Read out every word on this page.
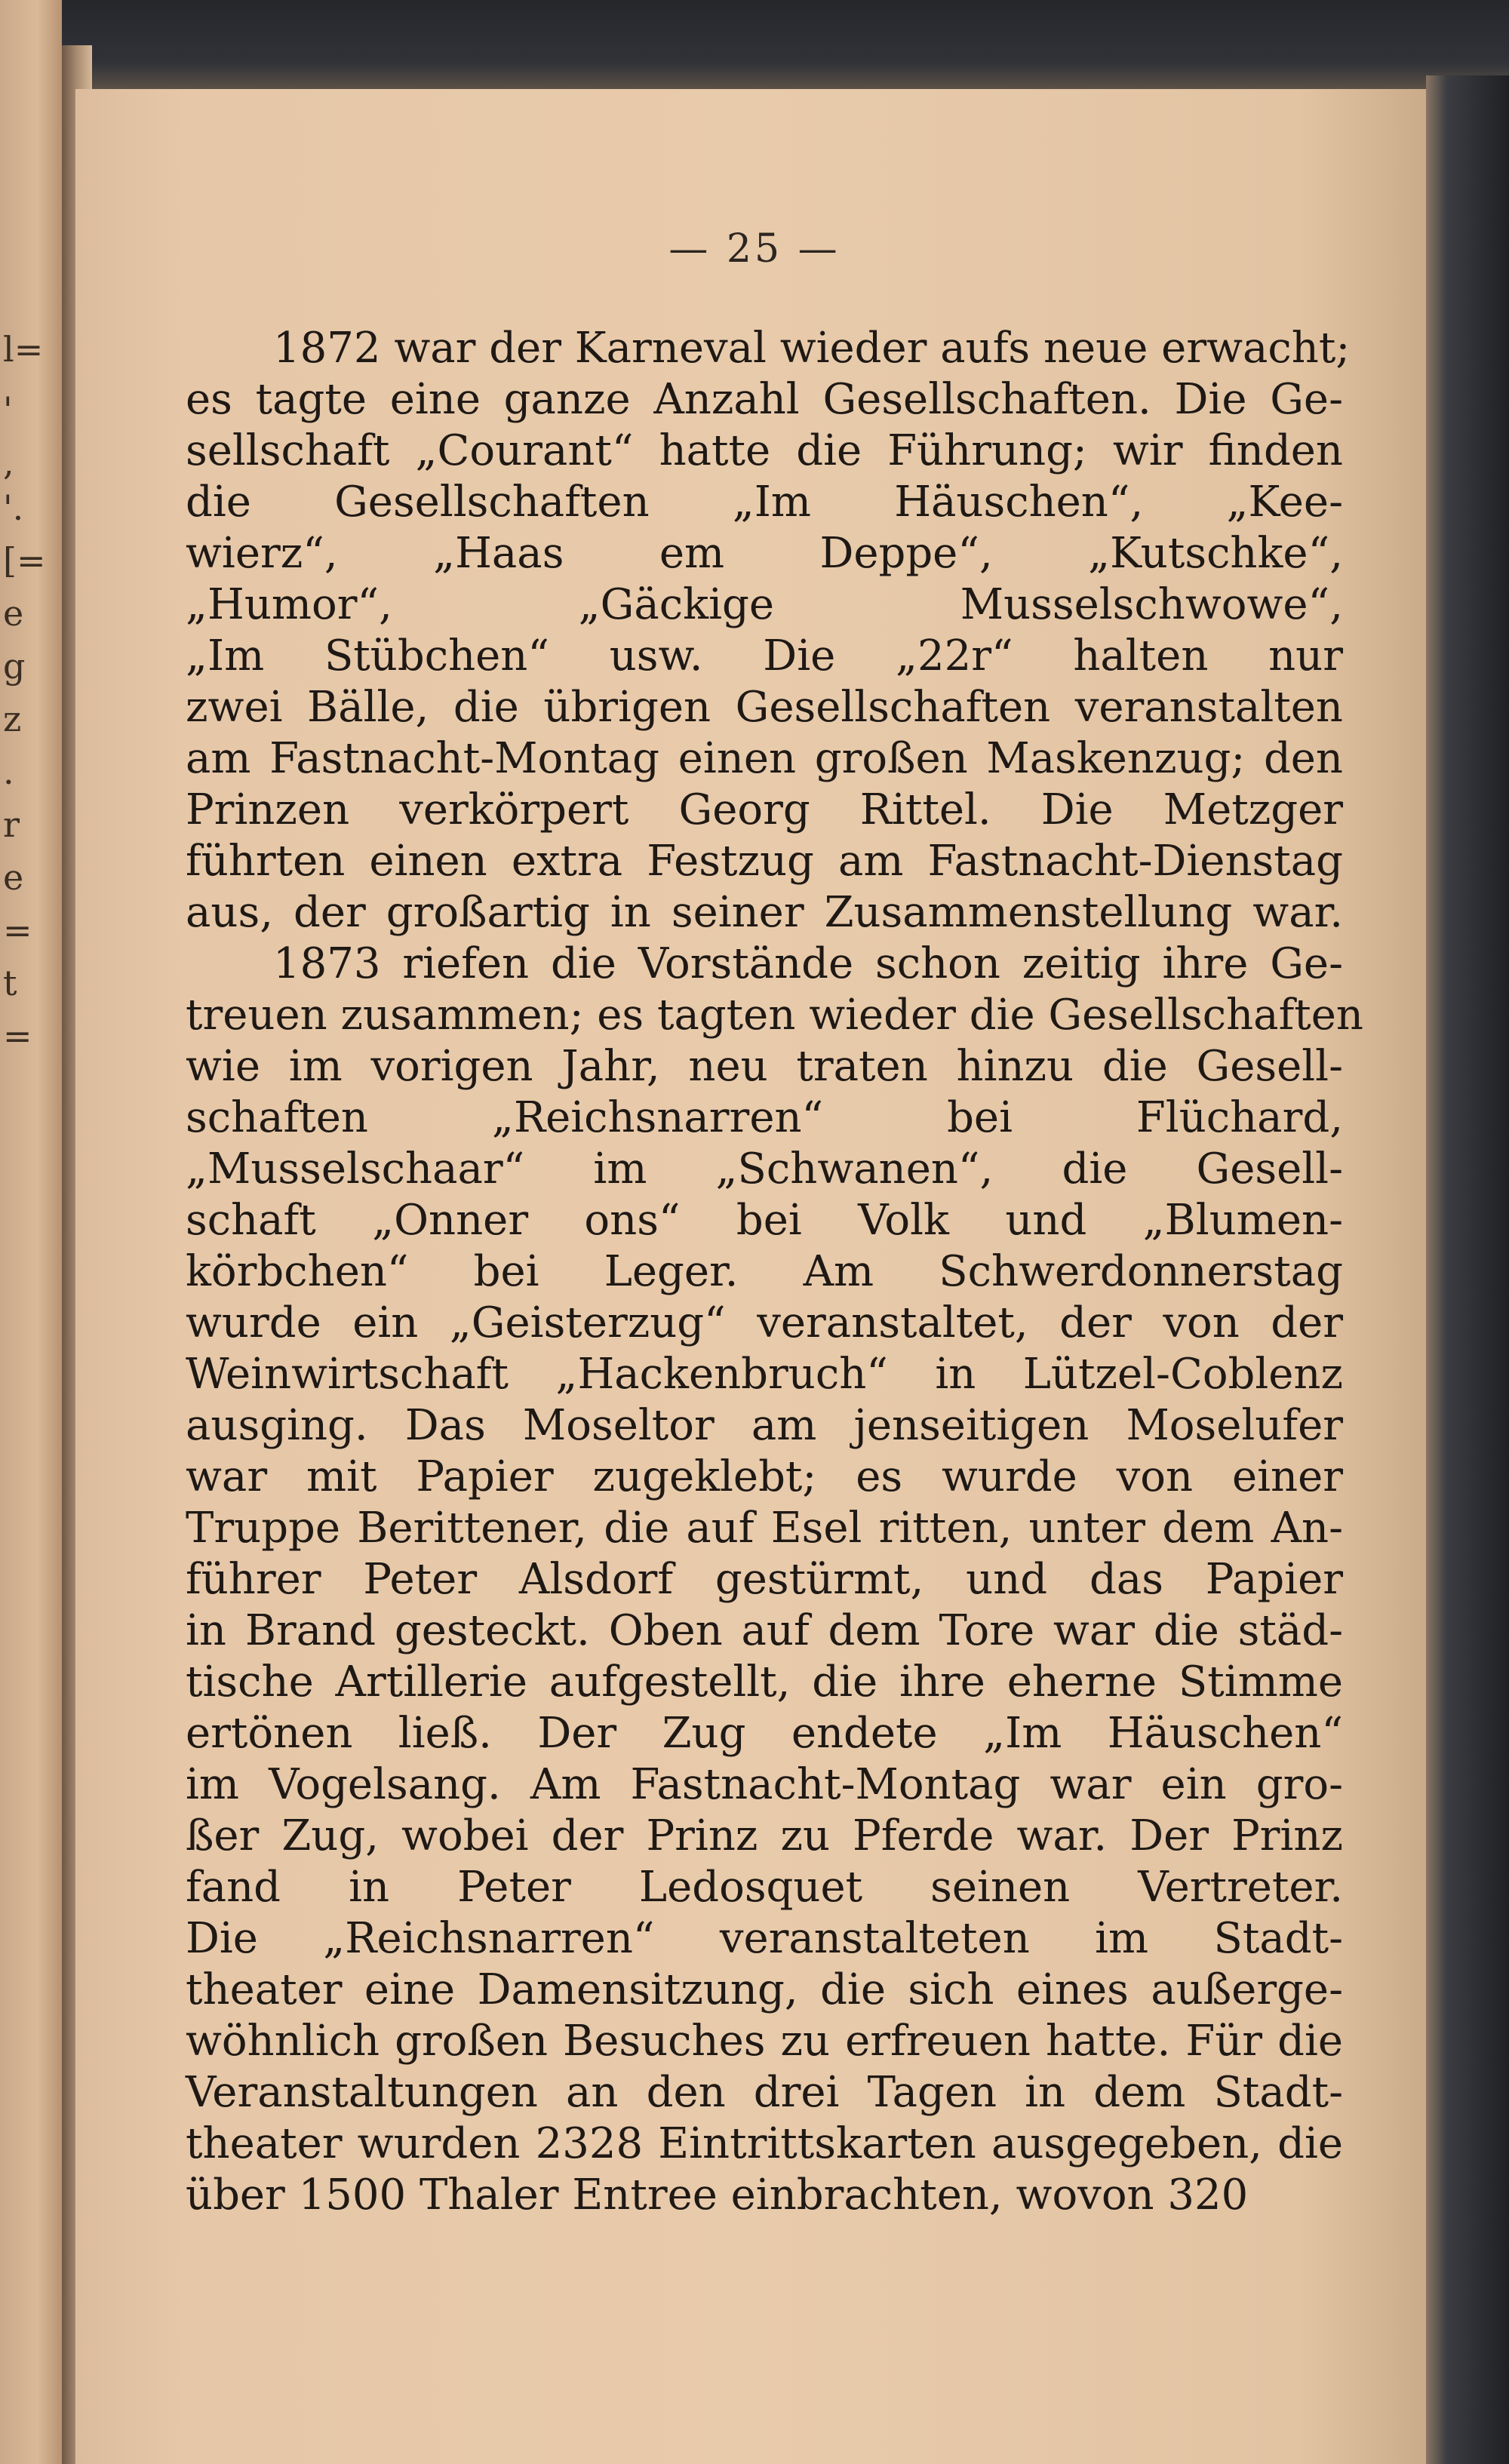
l=
'
,
'.
[=
e
g
z
.
r
e
=
t
=
— 25 —
1872 war der Karneval wieder aufs neue erwacht;
es tagte eine ganze Anzahl Gesellschaften. Die Ge-
sellschaft „Courant“ hatte die Führung; wir finden
die Gesellschaften „Im Häuschen“, „Kee-
wierz“, „Haas em Deppe“, „Kutschke“,
„Humor“, „Gäckige Musselschwowe“,
„Im Stübchen“ usw. Die „22r“ halten nur
zwei Bälle, die übrigen Gesellschaften veranstalten
am Fastnacht-Montag einen großen Maskenzug; den
Prinzen verkörpert Georg Rittel. Die Metzger
führten einen extra Festzug am Fastnacht-Dienstag
aus, der großartig in seiner Zusammenstellung war.
1873 riefen die Vorstände schon zeitig ihre Ge-
treuen zusammen; es tagten wieder die Gesellschaften
wie im vorigen Jahr, neu traten hinzu die Gesell-
schaften „Reichsnarren“ bei Flüchard,
„Musselschaar“ im „Schwanen“, die Gesell-
schaft „Onner ons“ bei Volk und „Blumen-
körbchen“ bei Leger. Am Schwerdonnerstag
wurde ein „Geisterzug“ veranstaltet, der von der
Weinwirtschaft „Hackenbruch“ in Lützel-Coblenz
ausging. Das Moseltor am jenseitigen Moselufer
war mit Papier zugeklebt; es wurde von einer
Truppe Berittener, die auf Esel ritten, unter dem An-
führer Peter Alsdorf gestürmt, und das Papier
in Brand gesteckt. Oben auf dem Tore war die städ-
tische Artillerie aufgestellt, die ihre eherne Stimme
ertönen ließ. Der Zug endete „Im Häuschen“
im Vogelsang. Am Fastnacht-Montag war ein gro-
ßer Zug, wobei der Prinz zu Pferde war. Der Prinz
fand in Peter Ledosquet seinen Vertreter.
Die „Reichsnarren“ veranstalteten im Stadt-
theater eine Damensitzung, die sich eines außerge-
wöhnlich großen Besuches zu erfreuen hatte. Für die
Veranstaltungen an den drei Tagen in dem Stadt-
theater wurden 2328 Eintrittskarten ausgegeben, die
über 1500 Thaler Entree einbrachten, wovon 320
